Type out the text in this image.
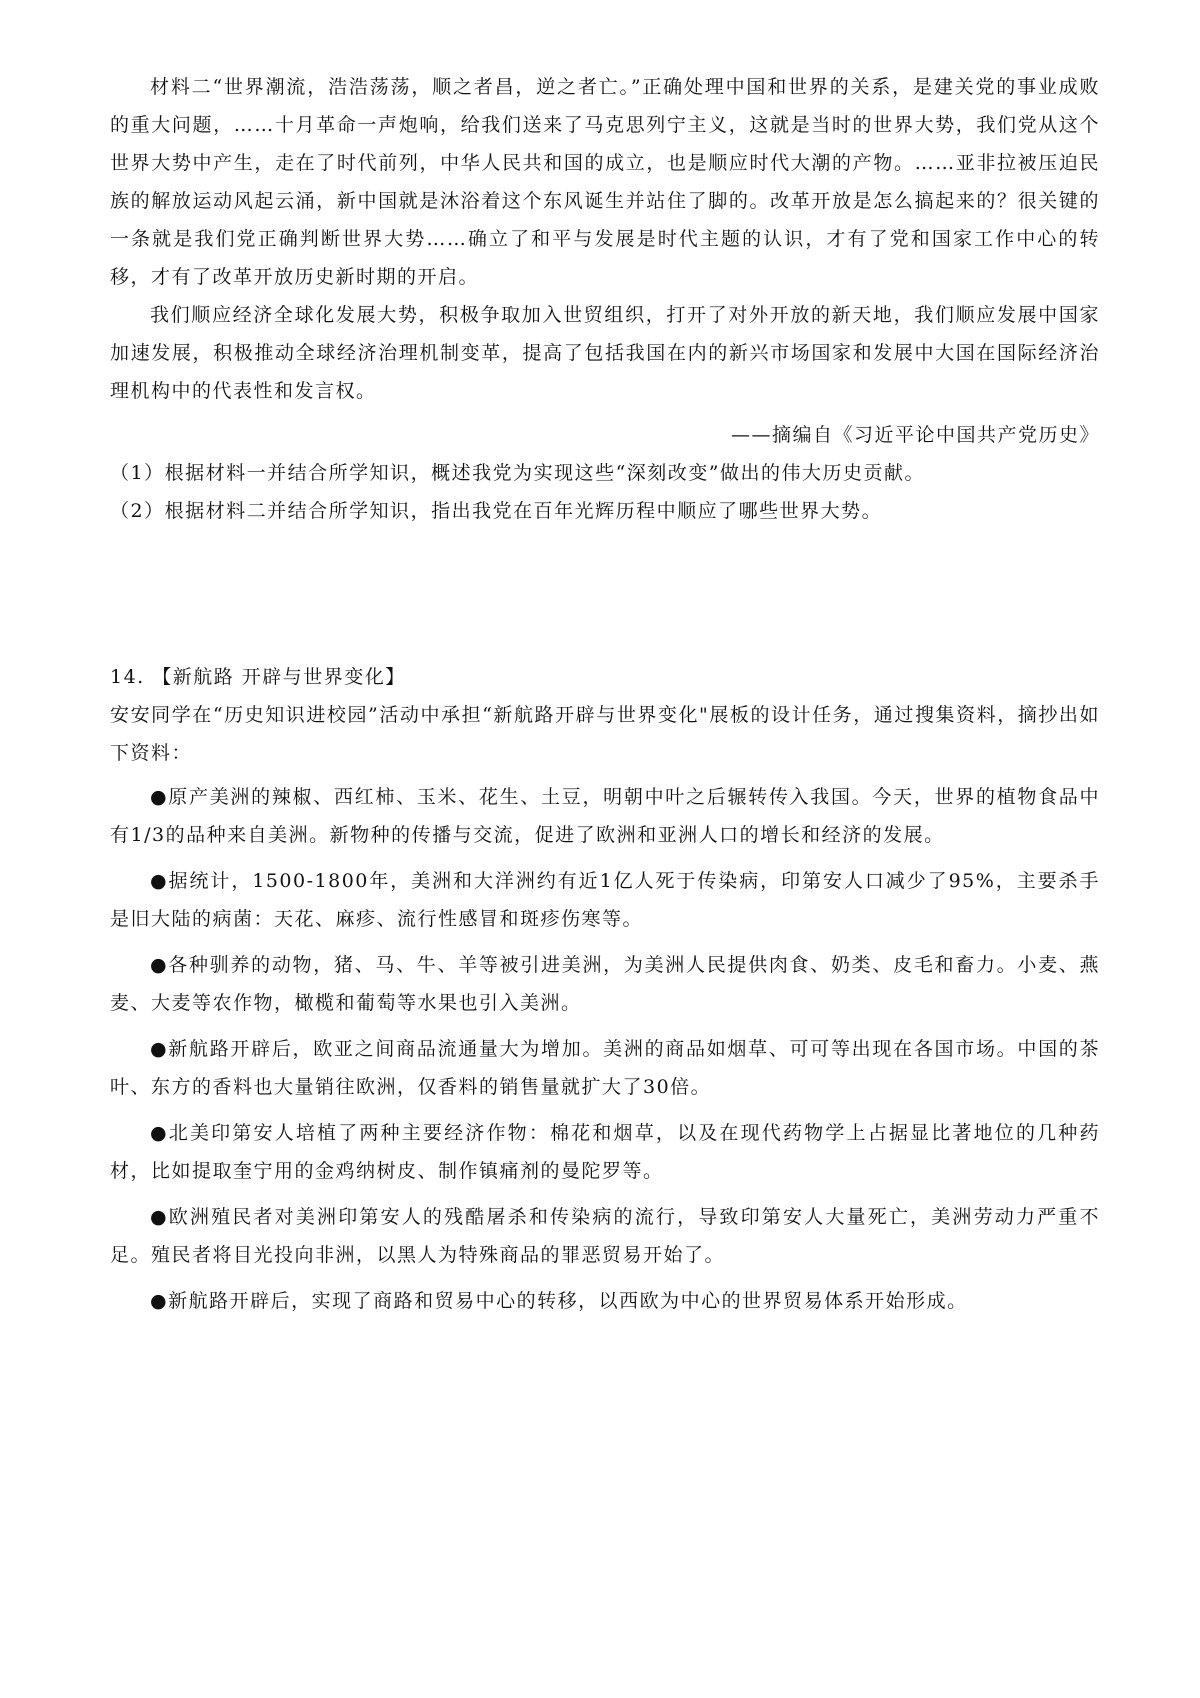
材料二“世界潮流，浩浩荡荡，顺之者昌，逆之者亡。”正确处理中国和世界的关系，是建关党的事业成败的重大问题，……十月革命一声炮响，给我们送来了马克思列宁主义，这就是当时的世界大势，我们党从这个世界大势中产生，走在了时代前列，中华人民共和国的成立，也是顺应时代大潮的产物。……亚非拉被压迫民族的解放运动风起云涌，新中国就是沐浴着这个东风诞生并站住了脚的。改革开放是怎么搞起来的？很关键的一条就是我们党正确判断世界大势……确立了和平与发展是时代主题的认识，才有了党和国家工作中心的转移，才有了改革开放历史新时期的开启。

我们顺应经济全球化发展大势，积极争取加入世贸组织，打开了对外开放的新天地，我们顺应发展中国家加速发展，积极推动全球经济治理机制变革，提高了包括我国在内的新兴市场国家和发展中大国在国际经济治理机构中的代表性和发言权。

——摘编自《习近平论中国共产党历史》

（1）根据材料一并结合所学知识，概述我党为实现这些“深刻改变”做出的伟大历史贡献。

（2）根据材料二并结合所学知识，指出我党在百年光辉历程中顺应了哪些世界大势。

14. 【新航路 开辟与世界变化】

安安同学在“历史知识进校园”活动中承担“新航路开辟与世界变化"展板的设计任务，通过搜集资料，摘抄出如下资料：

●原产美洲的辣椒、西红柿、玉米、花生、土豆，明朝中叶之后辗转传入我国。今天，世界的植物食品中有1/3的品种来自美洲。新物种的传播与交流，促进了欧洲和亚洲人口的增长和经济的发展。

●据统计，1500-1800年，美洲和大洋洲约有近1亿人死于传染病，印第安人口减少了95%，主要杀手是旧大陆的病菌：天花、麻疹、流行性感冒和斑疹伤寒等。

●各种驯养的动物，猪、马、牛、羊等被引进美洲，为美洲人民提供肉食、奶类、皮毛和畜力。小麦、燕麦、大麦等农作物，橄榄和葡萄等水果也引入美洲。

●新航路开辟后，欧亚之间商品流通量大为增加。美洲的商品如烟草、可可等出现在各国市场。中国的茶叶、东方的香料也大量销往欧洲，仅香料的销售量就扩大了30倍。

●北美印第安人培植了两种主要经济作物：棉花和烟草，以及在现代药物学上占据显比著地位的几种药材，比如提取奎宁用的金鸡纳树皮、制作镇痛剂的曼陀罗等。

●欧洲殖民者对美洲印第安人的残酷屠杀和传染病的流行，导致印第安人大量死亡，美洲劳动力严重不足。殖民者将目光投向非洲，以黑人为特殊商品的罪恶贸易开始了。

●新航路开辟后，实现了商路和贸易中心的转移，以西欧为中心的世界贸易体系开始形成。
